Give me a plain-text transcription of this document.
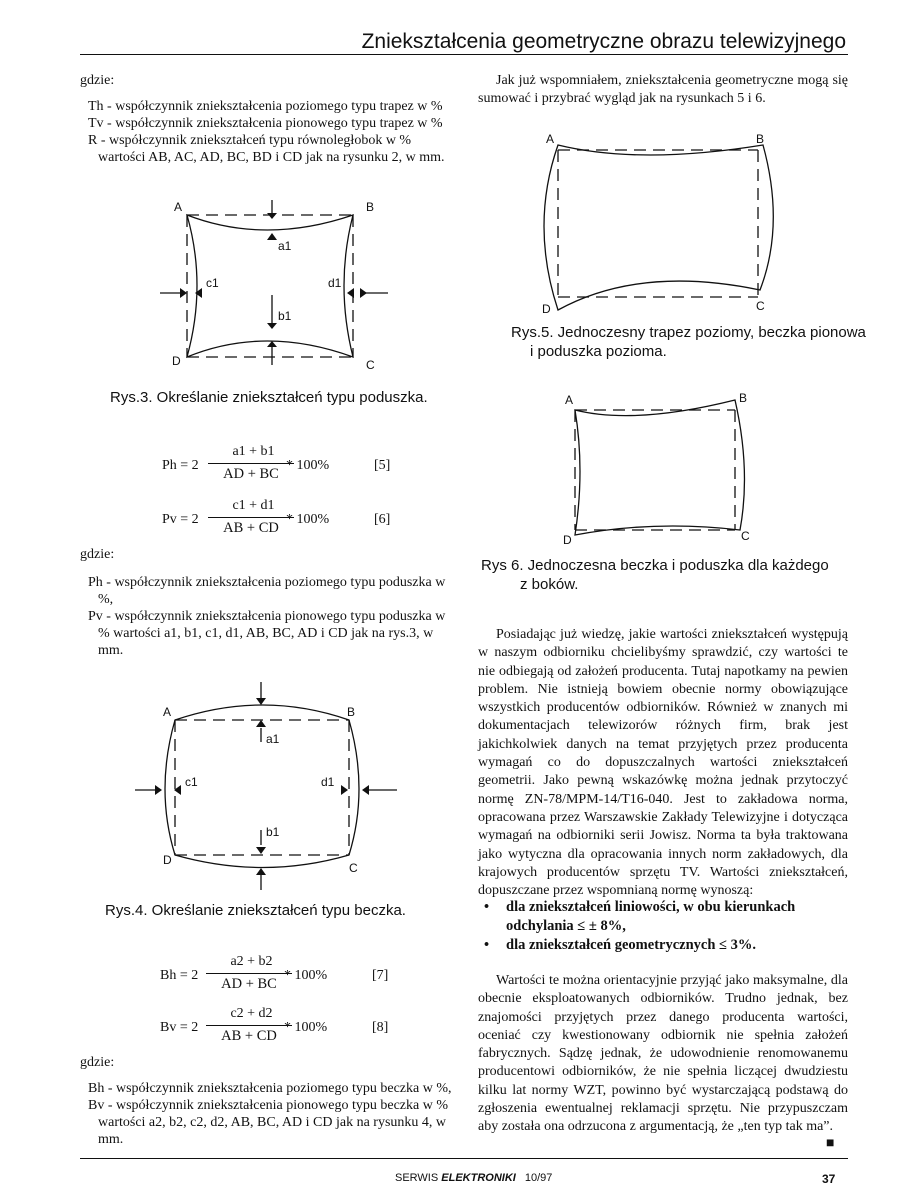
Zniekształcenia geometryczne obrazu telewizyjnego
gdzie:

Th - współczynnik zniekształcenia poziomego typu trapez w %

Tv - współczynnik zniekształcenia pionowego typu trapez w %

R - współczynnik zniekształceń typu równoległobok w % wartości AB, AC, AD, BC, BD i CD jak na rysunku 2, w mm.

A	B
C
D
a1
b1
c1	d1
Rys.3. Określanie zniekształceń typu poduszka.
Ph = 2
a1 + b1
AD + BC
* 100%	[5]
Pv = 2
c1 + d1
AB + CD
* 100%	[6]
gdzie:

Ph - współczynnik zniekształcenia poziomego typu poduszka w %,

Pv - współczynnik zniekształcenia pionowego typu poduszka w % wartości a1, b1, c1, d1, AB, BC, AD i CD jak na rys.3, w mm.

A	B
C
D
a1
b1
c1	d1
Rys.4. Określanie zniekształceń typu beczka.
Bh = 2
a2 + b2
AD + BC
* 100%	[7]
Bv = 2
c2 + d2
AB + CD
* 100%	[8]
gdzie:

Bh - współczynnik zniekształcenia poziomego typu beczka w %,

Bv - współczynnik zniekształcenia pionowego typu beczka w % wartości a2, b2, c2, d2, AB, BC, AD i CD jak na rysunku 4, w mm.

Jak już wspomniałem, zniekształcenia geometryczne mogą się sumować i przybrać wygląd jak na rysunkach 5 i 6.
A	B
C
D
Rys.5. Jednoczesny trapez poziomy, beczka pionowa
i poduszka pozioma.
A	B
C
D
Rys 6. Jednoczesna beczka i poduszka dla każdego
z boków.
Posiadając już wiedzę, jakie wartości zniekształceń występują w naszym odbiorniku chcielibyśmy sprawdzić, czy wartości te nie odbiegają od założeń producenta. Tutaj napotkamy na pewien problem. Nie istnieją bowiem obecnie normy obowiązujące wszystkich producentów odbiorników. Również w znanych mi dokumentacjach telewizorów różnych firm, brak jest jakichkolwiek danych na temat przyjętych przez producenta wymagań co do dopuszczalnych wartości zniekształceń geometrii. Jako pewną wskazówkę można jednak przytoczyć normę ZN-78/MPM-14/T16-040. Jest to zakładowa norma, opracowana przez Warszawskie Zakłady Telewizyjne i dotycząca wymagań na odbiorniki serii Jowisz. Norma ta była traktowana jako wytyczna dla opracowania innych norm zakładowych, dla krajowych producentów sprzętu TV. Wartości zniekształceń, dopuszczane przez wspomnianą normę wynoszą:
• dla zniekształceń liniowości, w obu kierunkach odchylania ≤ ± 8%,
• dla zniekształceń geometrycznych ≤ 3%.
Wartości te można orientacyjnie przyjąć jako maksymalne, dla obecnie eksploatowanych odbiorników. Trudno jednak, bez znajomości przyjętych przez danego producenta wartości, oceniać czy kwestionowany odbiornik nie spełnia założeń fabrycznych. Sądzę jednak, że udowodnienie renomowanemu producentowi odbiorników, że nie spełnia liczącej dwudziestu kilku lat normy WZT, powinno być wystarczającą podstawą do zgłoszenia ewentualnej reklamacji sprzętu. Nie przypuszczam aby została ona odrzucona z argumentacją, że „ten typ tak ma”.
■
SERWIS ELEKTRONIKI 10/97	37
